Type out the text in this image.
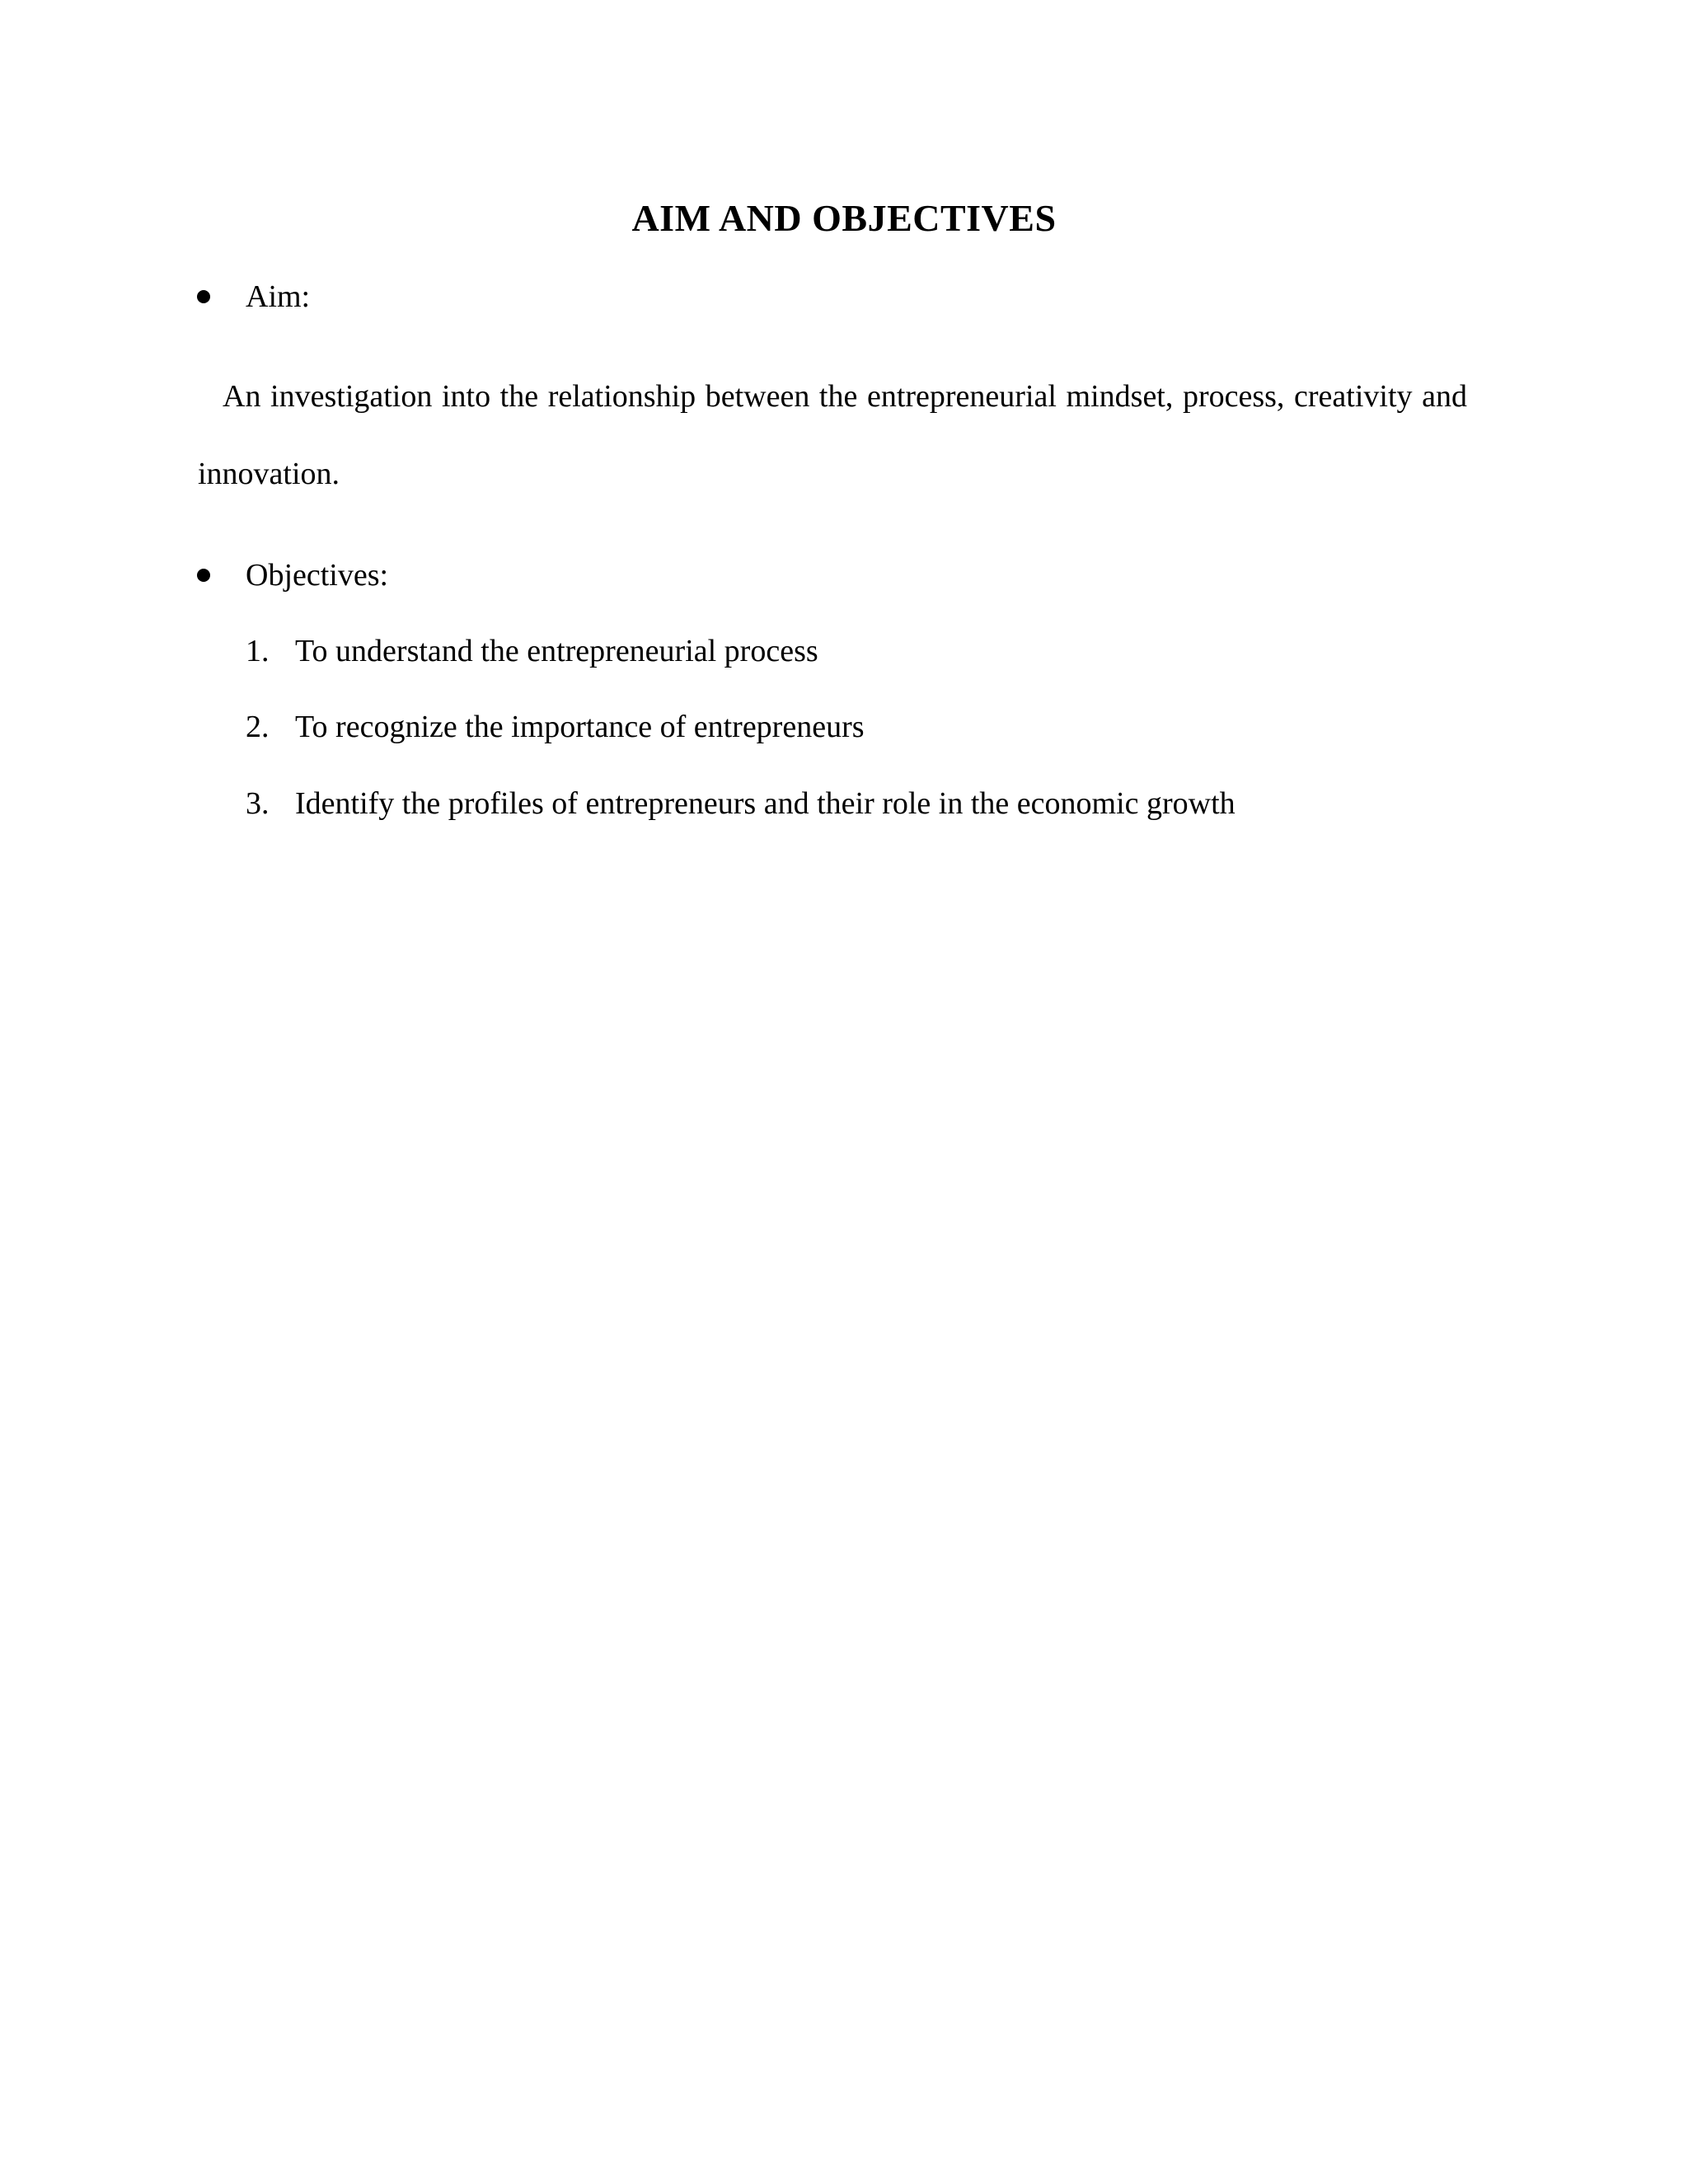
AIM AND OBJECTIVES
Aim:

An investigation into the relationship between the entrepreneurial mindset, process, creativity and innovation.

Objectives:
1. To understand the entrepreneurial process
2. To recognize the importance of entrepreneurs
3. Identify the profiles of entrepreneurs and their role in the economic growth
